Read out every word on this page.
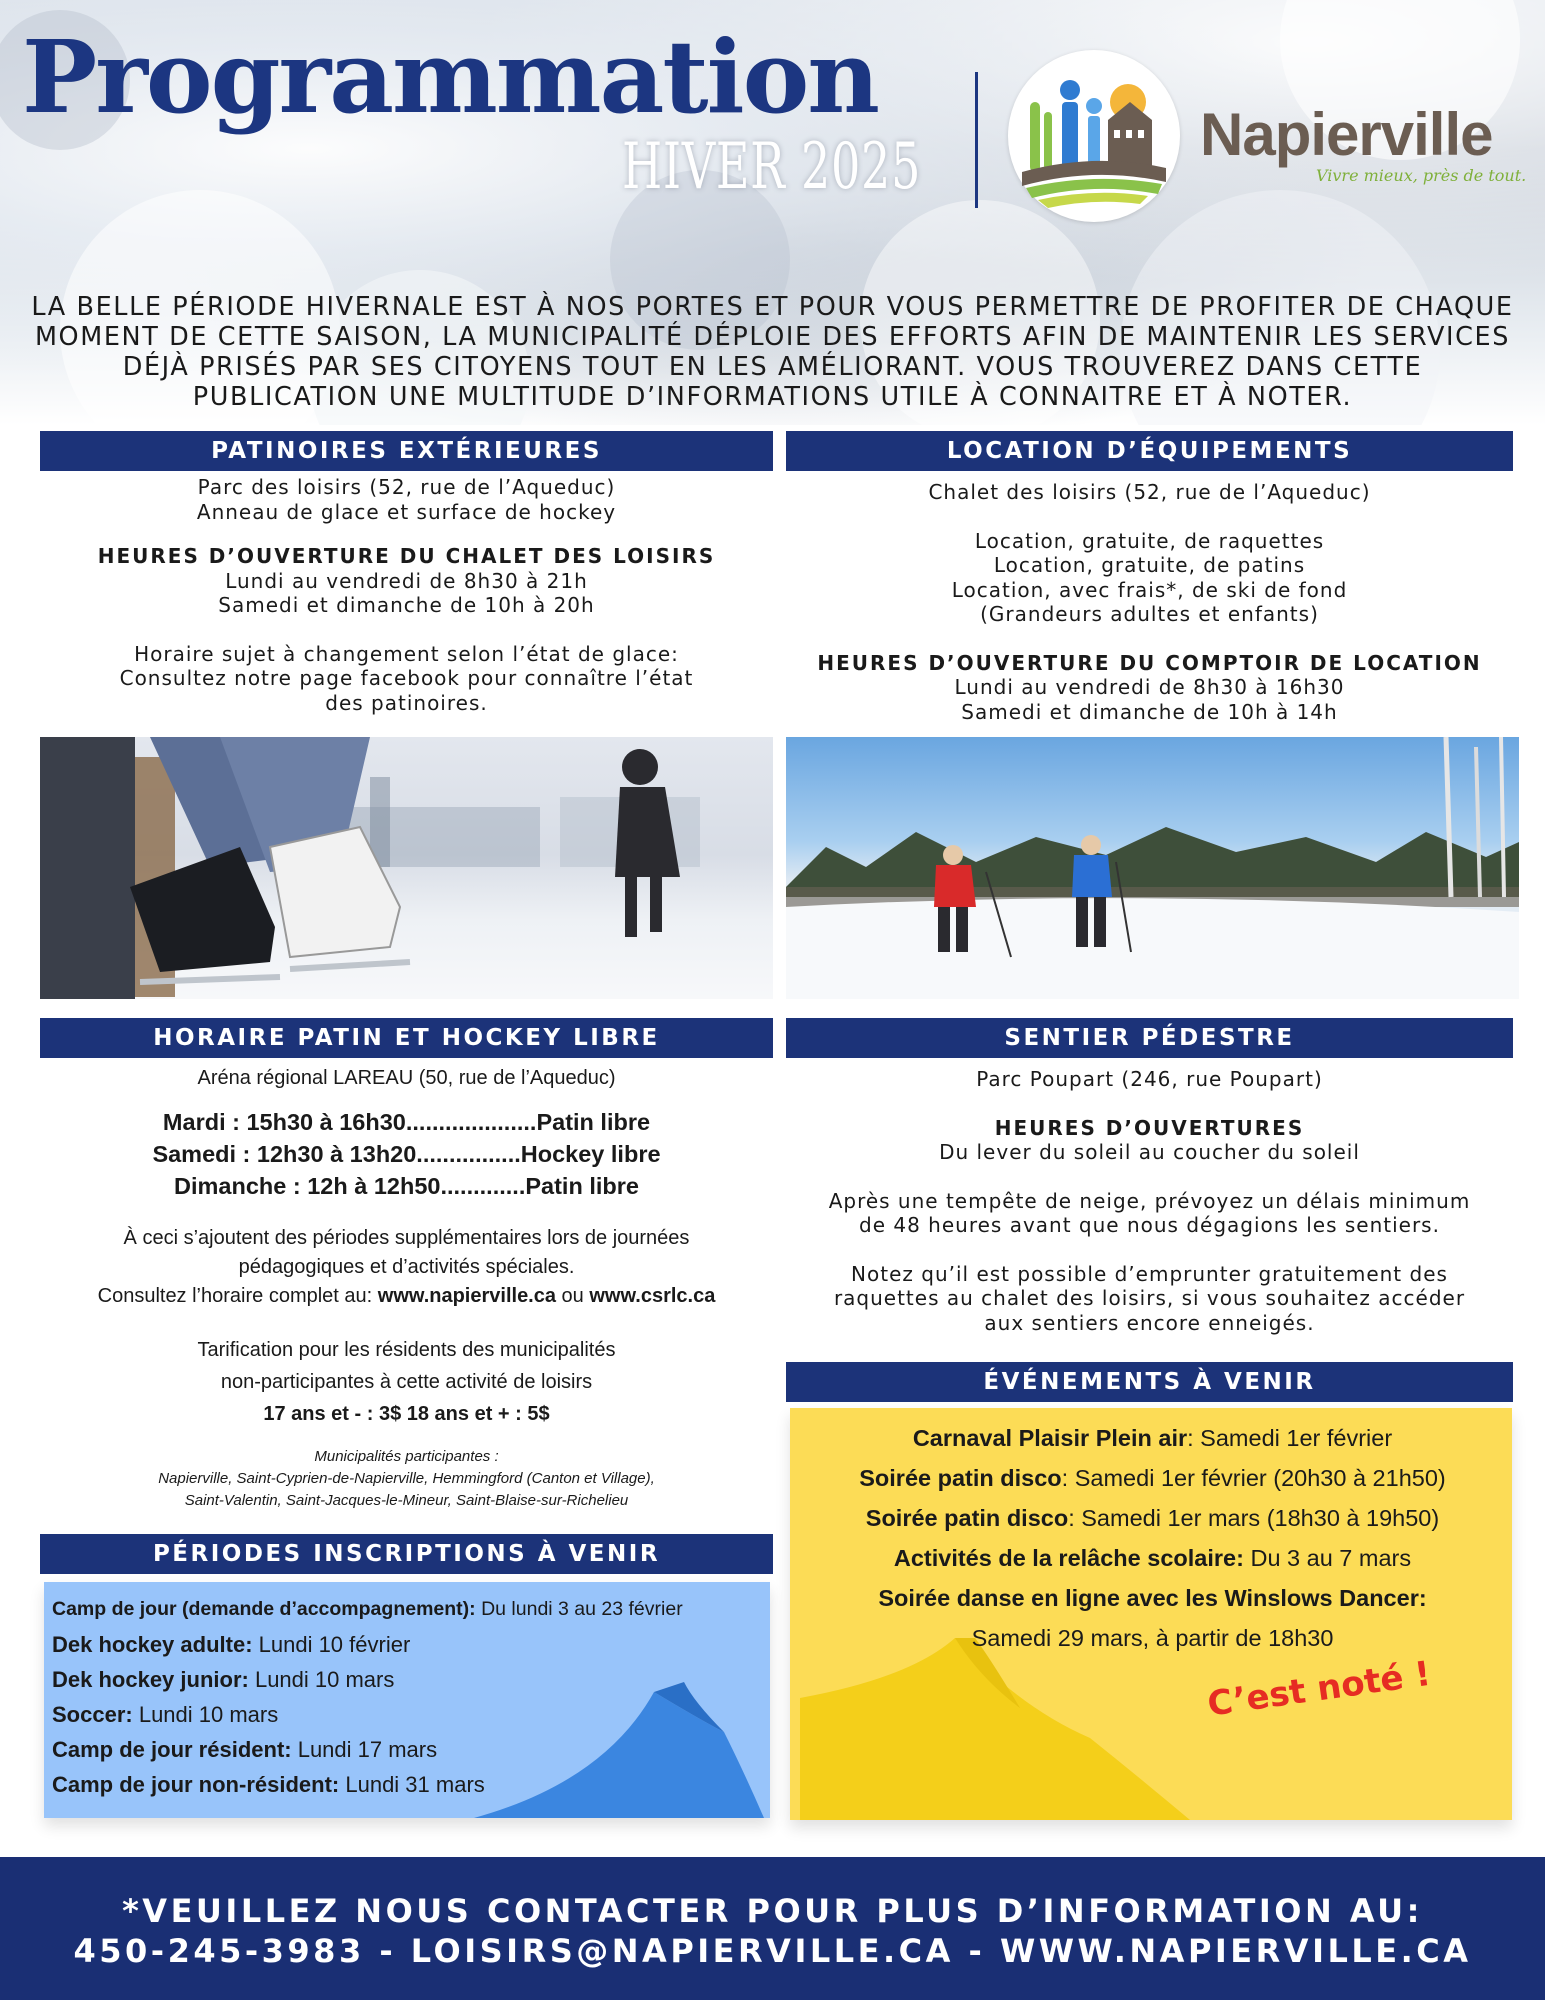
Programmation
HIVER 2025	Napierville
Vivre mieux, près de tout.
LA BELLE PÉRIODE HIVERNALE EST À NOS PORTES ET POUR VOUS PERMETTRE DE PROFITER DE CHAQUE
MOMENT DE CETTE SAISON, LA MUNICIPALITÉ DÉPLOIE DES EFFORTS AFIN DE MAINTENIR LES SERVICES
DÉJÀ PRISÉS PAR SES CITOYENS TOUT EN LES AMÉLIORANT. VOUS TROUVEREZ DANS CETTE
PUBLICATION UNE MULTITUDE D’INFORMATIONS UTILE À CONNAITRE ET À NOTER.
PATINOIRES EXTÉRIEURES
Parc des loisirs (52, rue de l’Aqueduc)
Anneau de glace et surface de hockey
HEURES D’OUVERTURE DU CHALET DES LOISIRS
Lundi au vendredi de 8h30 à 21h
Samedi et dimanche de 10h à 20h
Horaire sujet à changement selon l’état de glace:
Consultez notre page facebook pour connaître l’état
des patinoires.
LOCATION D’ÉQUIPEMENTS
Chalet des loisirs (52, rue de l’Aqueduc)
Location, gratuite, de raquettes
Location, gratuite, de patins
Location, avec frais*, de ski de fond
(Grandeurs adultes et enfants)
HEURES D’OUVERTURE DU COMPTOIR DE LOCATION
Lundi au vendredi de 8h30 à 16h30
Samedi et dimanche de 10h à 14h
HORAIRE PATIN ET HOCKEY LIBRE
Aréna régional LAREAU (50, rue de l’Aqueduc)
Mardi : 15h30 à 16h30....................Patin libre
Samedi : 12h30 à 13h20................Hockey libre
Dimanche : 12h à 12h50.............Patin libre
À ceci s’ajoutent des périodes supplémentaires lors de journées
pédagogiques et d’activités spéciales.
Consultez l’horaire complet au: www.napierville.ca ou www.csrlc.ca
Tarification pour les résidents des municipalités
non-participantes à cette activité de loisirs
17 ans et - : 3$ 18 ans et + : 5$
Municipalités participantes :
Napierville, Saint-Cyprien-de-Napierville, Hemmingford (Canton et Village),
Saint-Valentin, Saint-Jacques-le-Mineur, Saint-Blaise-sur-Richelieu
SENTIER PÉDESTRE
Parc Poupart (246, rue Poupart)
HEURES D’OUVERTURES
Du lever du soleil au coucher du soleil
Après une tempête de neige, prévoyez un délais minimum
de 48 heures avant que nous dégagions les sentiers.
Notez qu’il est possible d’emprunter gratuitement des
raquettes au chalet des loisirs, si vous souhaitez accéder
aux sentiers encore enneigés.
PÉRIODES INSCRIPTIONS À VENIR
Camp de jour (demande d’accompagnement): Du lundi 3 au 23 février
Dek hockey adulte: Lundi 10 février
Dek hockey junior: Lundi 10 mars
Soccer: Lundi 10 mars
Camp de jour résident: Lundi 17 mars
Camp de jour non-résident: Lundi 31 mars
ÉVÉNEMENTS À VENIR
Carnaval Plaisir Plein air: Samedi 1er février
Soirée patin disco: Samedi 1er février (20h30 à 21h50)
Soirée patin disco: Samedi 1er mars (18h30 à 19h50)
Activités de la relâche scolaire: Du 3 au 7 mars
Soirée danse en ligne avec les Winslows Dancer:
Samedi 29 mars, à partir de 18h30
C’est noté !
*VEUILLEZ NOUS CONTACTER POUR PLUS D’INFORMATION AU:
450-245-3983 - LOISIRS@NAPIERVILLE.CA - WWW.NAPIERVILLE.CA
